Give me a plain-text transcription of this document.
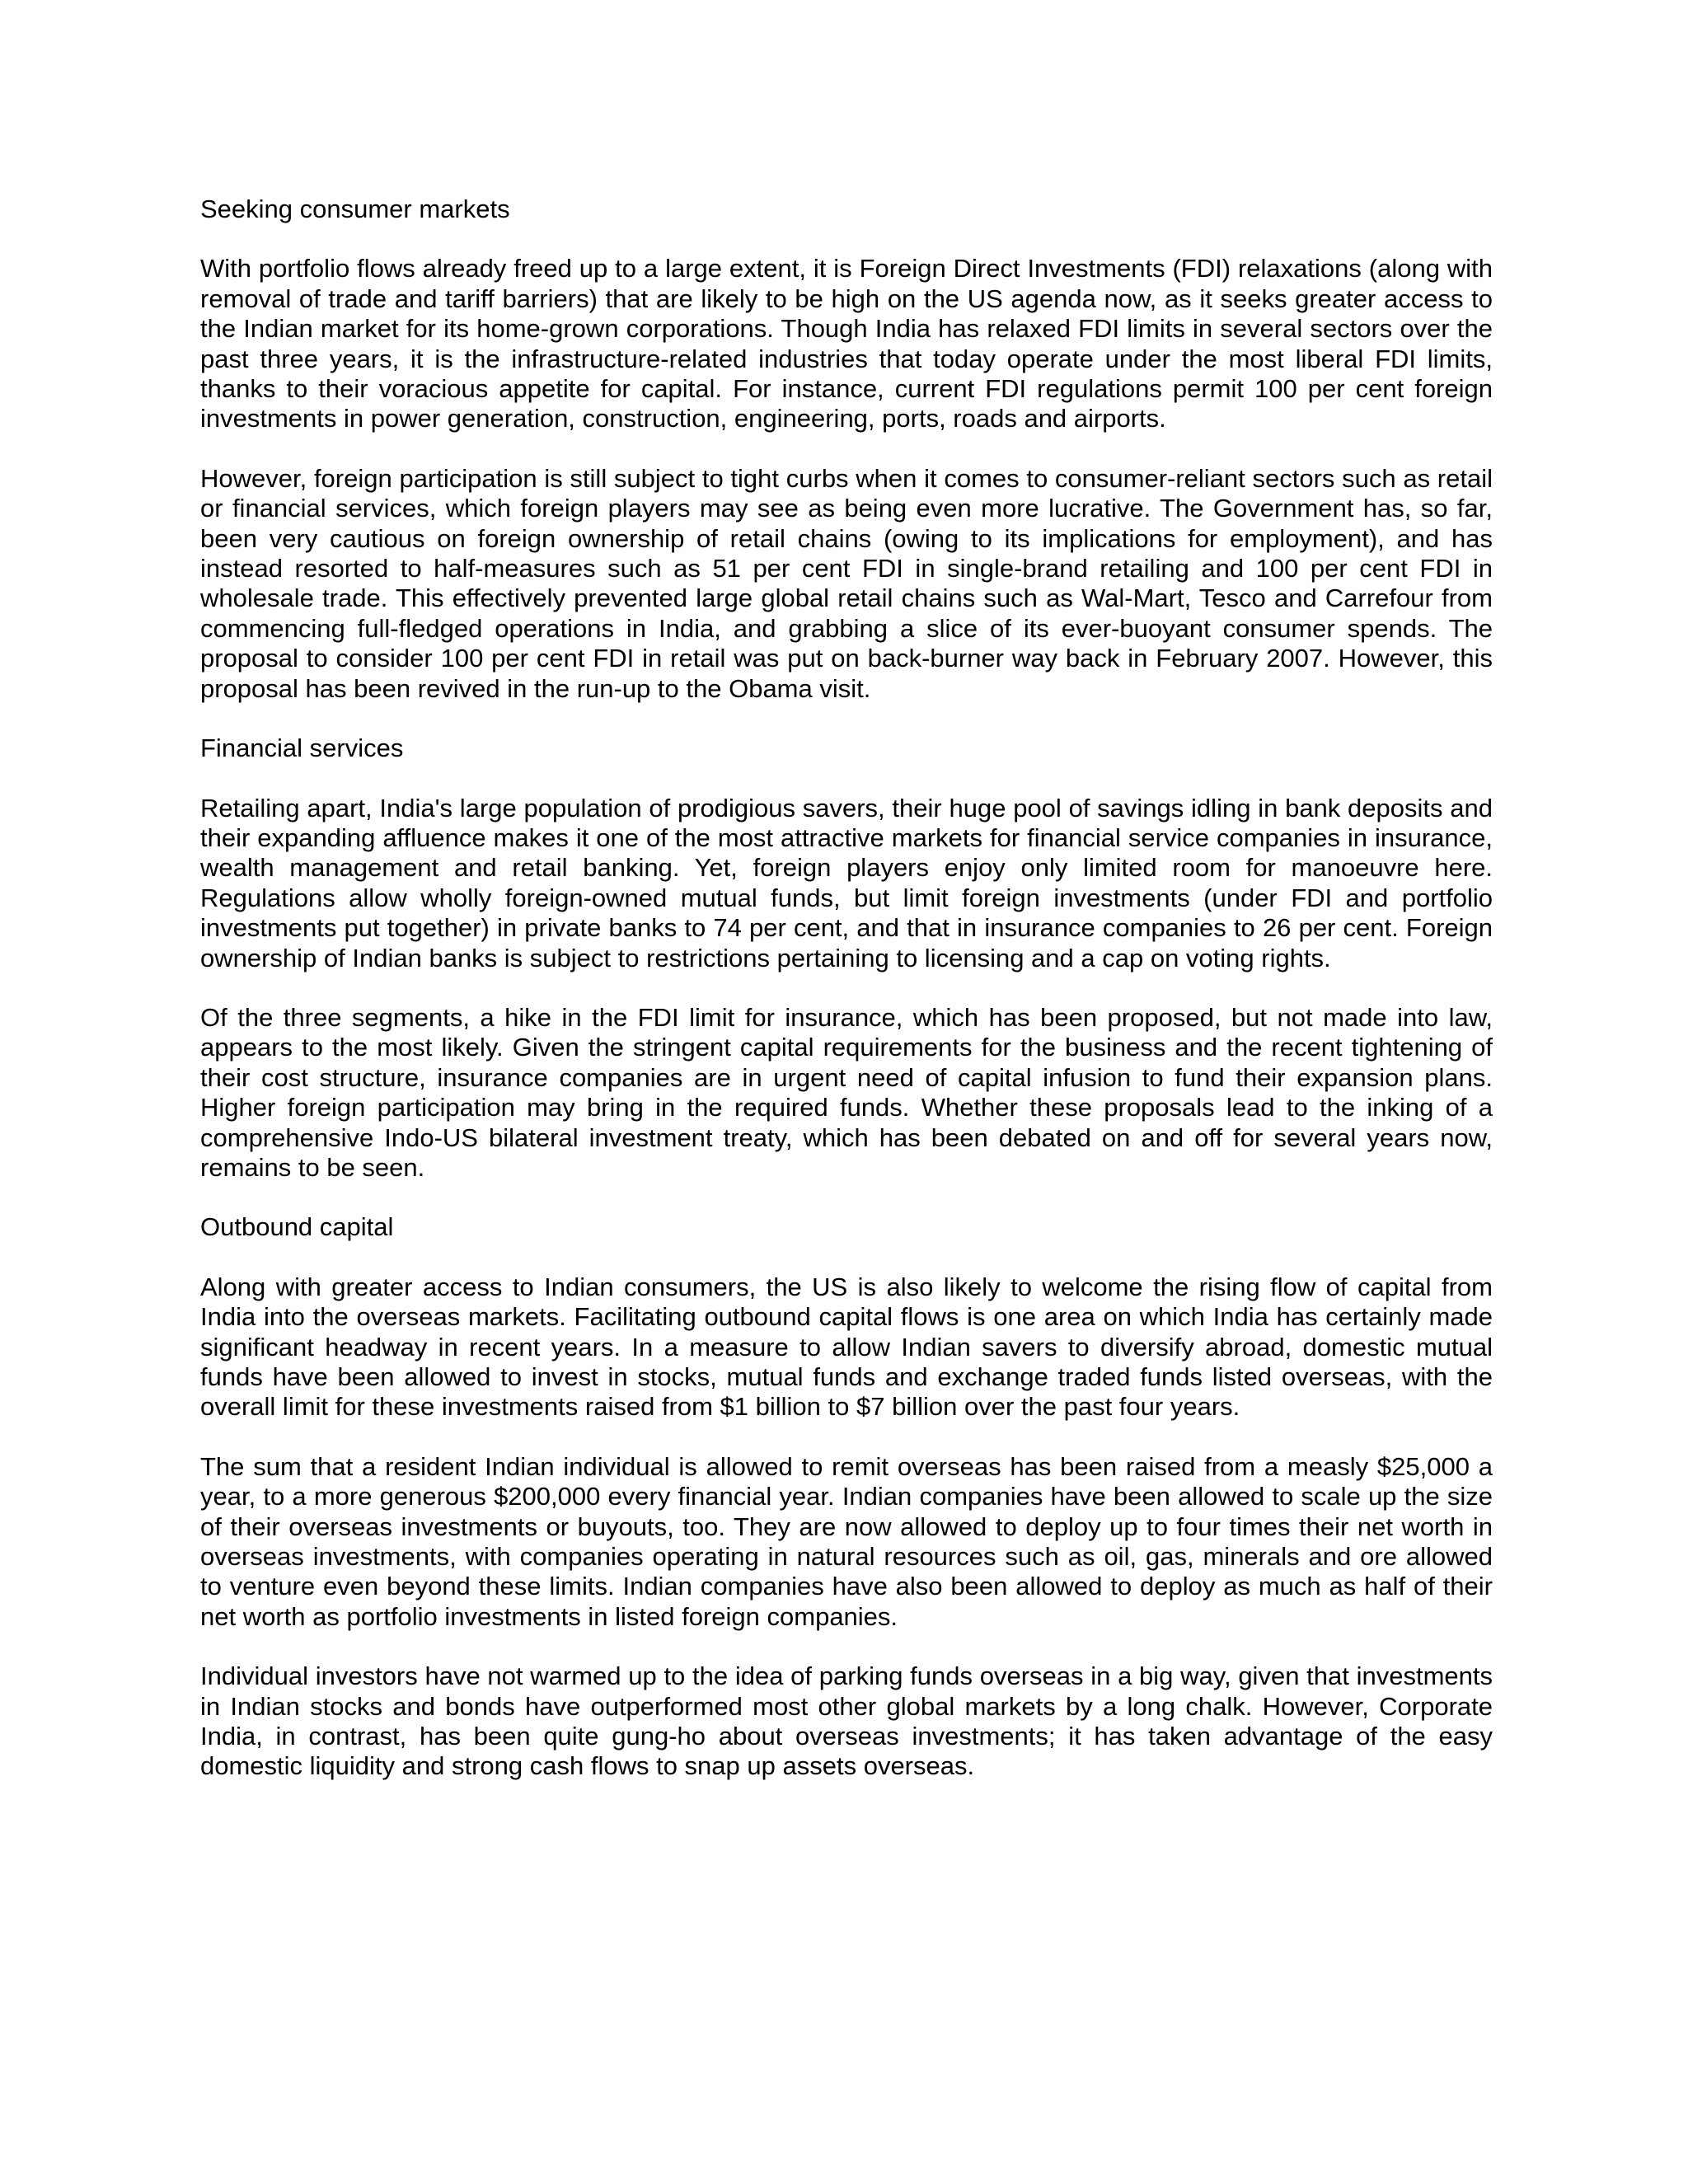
Seeking consumer markets

With portfolio flows already freed up to a large extent, it is Foreign Direct Investments (FDI) relaxations (along with removal of trade and tariff barriers) that are likely to be high on the US agenda now, as it seeks greater access to the Indian market for its home-grown corporations. Though India has relaxed FDI limits in several sectors over the past three years, it is the infrastructure-related industries that today operate under the most liberal FDI limits, thanks to their voracious appetite for capital. For instance, current FDI regulations permit 100 per cent foreign investments in power generation, construction, engineering, ports, roads and airports.

However, foreign participation is still subject to tight curbs when it comes to consumer-reliant sectors such as retail or financial services, which foreign players may see as being even more lucrative. The Government has, so far, been very cautious on foreign ownership of retail chains (owing to its implications for employment), and has instead resorted to half-measures such as 51 per cent FDI in single-brand retailing and 100 per cent FDI in wholesale trade. This effectively prevented large global retail chains such as Wal-Mart, Tesco and Carrefour from commencing full-fledged operations in India, and grabbing a slice of its ever-buoyant consumer spends. The proposal to consider 100 per cent FDI in retail was put on back-burner way back in February 2007. However, this proposal has been revived in the run-up to the Obama visit.

Financial services

Retailing apart, India's large population of prodigious savers, their huge pool of savings idling in bank deposits and their expanding affluence makes it one of the most attractive markets for financial service companies in insurance, wealth management and retail banking. Yet, foreign players enjoy only limited room for manoeuvre here. Regulations allow wholly foreign-owned mutual funds, but limit foreign investments (under FDI and portfolio investments put together) in private banks to 74 per cent, and that in insurance companies to 26 per cent. Foreign ownership of Indian banks is subject to restrictions pertaining to licensing and a cap on voting rights.

Of the three segments, a hike in the FDI limit for insurance, which has been proposed, but not made into law, appears to the most likely. Given the stringent capital requirements for the business and the recent tightening of their cost structure, insurance companies are in urgent need of capital infusion to fund their expansion plans. Higher foreign participation may bring in the required funds. Whether these proposals lead to the inking of a comprehensive Indo-US bilateral investment treaty, which has been debated on and off for several years now, remains to be seen.

Outbound capital

Along with greater access to Indian consumers, the US is also likely to welcome the rising flow of capital from India into the overseas markets. Facilitating outbound capital flows is one area on which India has certainly made significant headway in recent years. In a measure to allow Indian savers to diversify abroad, domestic mutual funds have been allowed to invest in stocks, mutual funds and exchange traded funds listed overseas, with the overall limit for these investments raised from $1 billion to $7 billion over the past four years.

The sum that a resident Indian individual is allowed to remit overseas has been raised from a measly $25,000 a year, to a more generous $200,000 every financial year. Indian companies have been allowed to scale up the size of their overseas investments or buyouts, too. They are now allowed to deploy up to four times their net worth in overseas investments, with companies operating in natural resources such as oil, gas, minerals and ore allowed to venture even beyond these limits. Indian companies have also been allowed to deploy as much as half of their net worth as portfolio investments in listed foreign companies.

Individual investors have not warmed up to the idea of parking funds overseas in a big way, given that investments in Indian stocks and bonds have outperformed most other global markets by a long chalk. However, Corporate India, in contrast, has been quite gung-ho about overseas investments; it has taken advantage of the easy domestic liquidity and strong cash flows to snap up assets overseas.
